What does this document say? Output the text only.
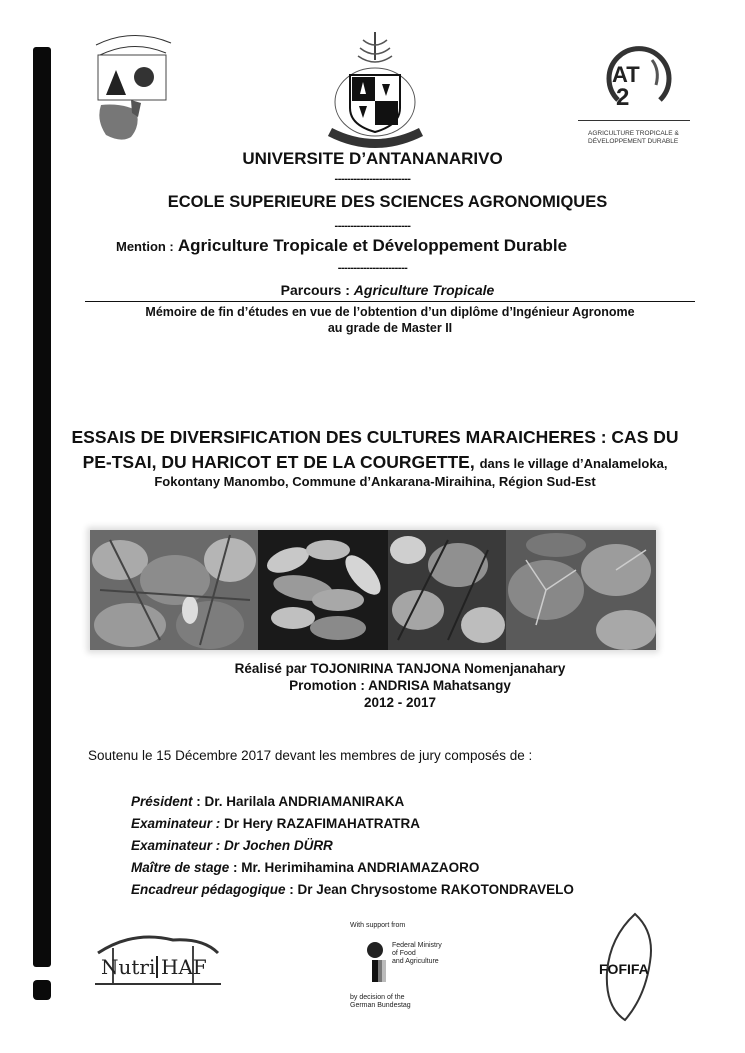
AT
2
AGRICULTURE TROPICALE &
DÉVELOPPEMENT DURABLE
UNIVERSITE D’ANTANANARIVO
------------------------
ECOLE SUPERIEURE DES SCIENCES AGRONOMIQUES
------------------------
Mention : Agriculture Tropicale et Développement Durable
----------------------
Parcours : Agriculture Tropicale
Mémoire de fin d’études en vue de l’obtention d’un diplôme d’Ingénieur Agronome
au grade de Master II
ESSAIS DE DIVERSIFICATION DES CULTURES MARAICHERES : CAS DU
PE-TSAI, DU HARICOT ET DE LA COURGETTE, dans le village d’Analameloka,
Fokontany Manombo, Commune d’Ankarana-Miraihina, Région Sud-Est
Réalisé par TOJONIRINA TANJONA Nomenjanahary
Promotion : ANDRISA Mahatsangy
2012 - 2017
Soutenu le 15 Décembre 2017 devant les membres de jury composés de :
Président : Dr. Harilala ANDRIAMANIRAKA
Examinateur : Dr Hery RAZAFIMAHATRATRA
Examinateur : Dr Jochen DÜRR
Maître de stage : Mr. Herimihamina ANDRIAMAZAORO
Encadreur pédagogique : Dr Jean Chrysostome RAKOTONDRAVELO
Nutri HAF
With support from
Federal Ministry
of Food
and Agriculture
by decision of the
German Bundestag
FOFIFA
